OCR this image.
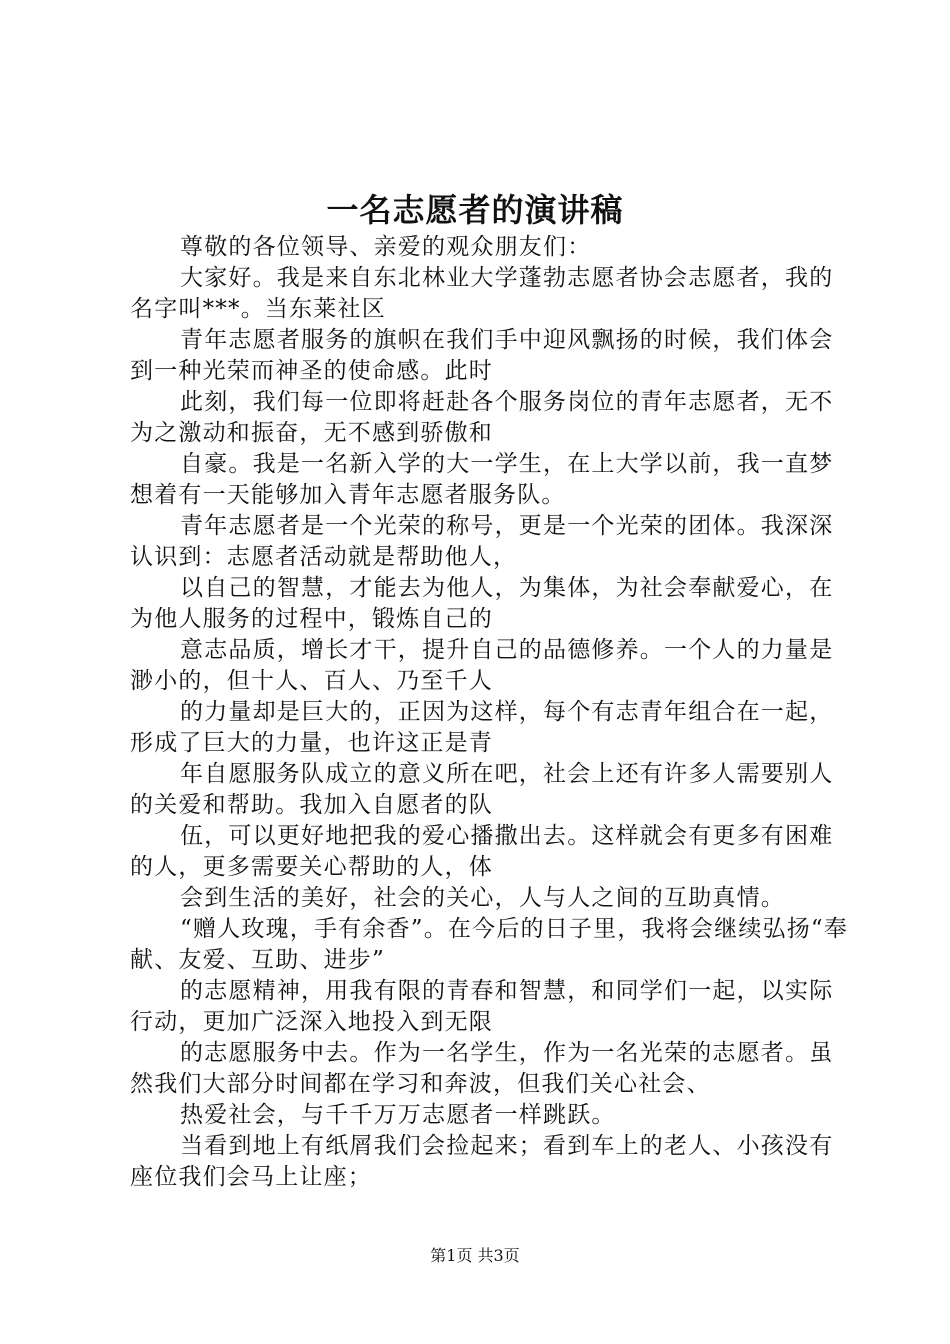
一名志愿者的演讲稿

尊敬的各位领导、亲爱的观众朋友们：

大家好。我是来自东北林业大学蓬勃志愿者协会志愿者，我的名字叫***。当东莱社区

青年志愿者服务的旗帜在我们手中迎风飘扬的时候，我们体会到一种光荣而神圣的使命感。此时

此刻，我们每一位即将赶赴各个服务岗位的青年志愿者，无不为之激动和振奋，无不感到骄傲和

自豪。我是一名新入学的大一学生，在上大学以前，我一直梦想着有一天能够加入青年志愿者服务队。

青年志愿者是一个光荣的称号，更是一个光荣的团体。我深深认识到：志愿者活动就是帮助他人，

以自己的智慧，才能去为他人，为集体，为社会奉献爱心，在为他人服务的过程中，锻炼自己的

意志品质，增长才干，提升自己的品德修养。一个人的力量是渺小的，但十人、百人、乃至千人

的力量却是巨大的，正因为这样，每个有志青年组合在一起，形成了巨大的力量，也许这正是青

年自愿服务队成立的意义所在吧，社会上还有许多人需要别人的关爱和帮助。我加入自愿者的队

伍，可以更好地把我的爱心播撒出去。这样就会有更多有困难的人，更多需要关心帮助的人，体

会到生活的美好，社会的关心，人与人之间的互助真情。

“赠人玫瑰，手有余香”。在今后的日子里，我将会继续弘扬“奉献、友爱、互助、进步”

的志愿精神，用我有限的青春和智慧，和同学们一起，以实际行动，更加广泛深入地投入到无限

的志愿服务中去。作为一名学生，作为一名光荣的志愿者。虽然我们大部分时间都在学习和奔波，但我们关心社会、

热爱社会，与千千万万志愿者一样跳跃。

当看到地上有纸屑我们会捡起来；看到车上的老人、小孩没有座位我们会马上让座；

第1页 共3页
